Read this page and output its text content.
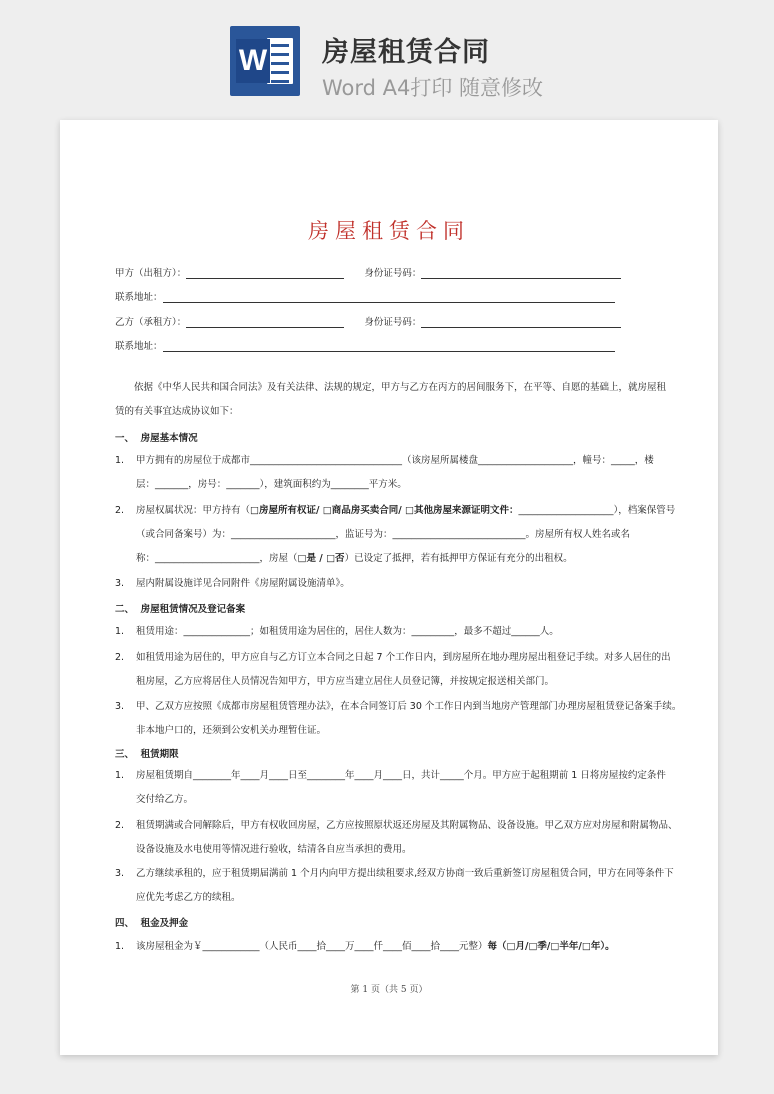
W 房屋租赁合同
Word A4打印 随意修改
房屋租赁合同
甲方（出租方）：	身份证号码：
联系地址：
乙方（承租方）：	身份证号码：
联系地址：
依据《中华人民共和国合同法》及有关法律、法规的规定，甲方与乙方在丙方的居间服务下，在平等、自愿的基础上，就房屋租
赁的有关事宜达成协议如下：
一、 房屋基本情况
1. 甲方拥有的房屋位于成都市________________________________（该房屋所属楼盘____________________，幢号：_____，楼
层：_______，房号：_______），建筑面积约为________平方米。
2. 房屋权属状况：甲方持有（□房屋所有权证/ □商品房买卖合同/ □其他房屋来源证明文件：____________________），档案保管号
（或合同备案号）为：______________________，监证号为：____________________________。房屋所有权人姓名或名
称：______________________，房屋（□是 / □否）已设定了抵押，若有抵押甲方保证有充分的出租权。
3. 屋内附属设施详见合同附件《房屋附属设施清单》。
二、 房屋租赁情况及登记备案
1. 租赁用途：______________；如租赁用途为居住的，居住人数为：_________，最多不超过______人。
2. 如租赁用途为居住的，甲方应自与乙方订立本合同之日起 7 个工作日内，到房屋所在地办理房屋出租登记手续。对多人居住的出
租房屋，乙方应将居住人员情况告知甲方，甲方应当建立居住人员登记簿，并按规定报送相关部门。
3. 甲、乙双方应按照《成都市房屋租赁管理办法》，在本合同签订后 30 个工作日内到当地房产管理部门办理房屋租赁登记备案手续。
非本地户口的，还须到公安机关办理暂住证。
三、 租赁期限
1. 房屋租赁期自________年____月____日至________年____月____日，共计_____个月。甲方应于起租期前 1 日将房屋按约定条件
交付给乙方。
2. 租赁期满或合同解除后，甲方有权收回房屋，乙方应按照原状返还房屋及其附属物品、设备设施。甲乙双方应对房屋和附属物品、
设备设施及水电使用等情况进行验收，结清各自应当承担的费用。
3. 乙方继续承租的，应于租赁期届满前 1 个月内向甲方提出续租要求,经双方协商一致后重新签订房屋租赁合同，甲方在同等条件下
应优先考虑乙方的续租。
四、 租金及押金
1. 该房屋租金为￥____________（人民币____拾____万____仟____佰____拾____元整）每（□月/□季/□半年/□年）。
第 1 页（共 5 页）
